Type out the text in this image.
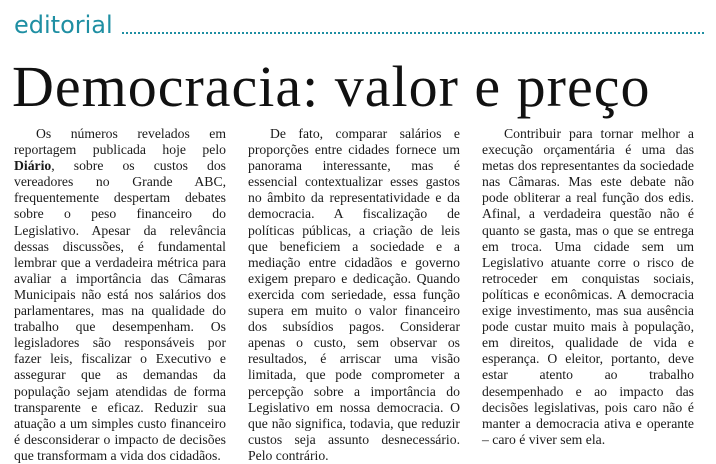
editorial
Democracia: valor e preço

Os números revelados em reportagem publicada hoje pelo Diário, sobre os custos dos vereadores no Grande ABC, frequentemente despertam debates sobre o peso financeiro do Legislativo. Apesar da relevância dessas discussões, é fundamental lembrar que a verdadeira métrica para avaliar a importância das Câmaras Municipais não está nos salários dos parlamentares, mas na qualidade do trabalho que desempenham. Os legisladores são responsáveis por fazer leis, fiscalizar o Executivo e assegurar que as demandas da população sejam atendidas de forma transparente e eficaz. Reduzir sua atuação a um simples custo financeiro é desconsiderar o impacto de decisões que transformam a vida dos cidadãos.

De fato, comparar salários e proporções entre cidades fornece um panorama interessante, mas é essencial contextualizar esses gastos no âmbito da representatividade e da democracia. A fiscalização de políticas públicas, a criação de leis que beneficiem a sociedade e a mediação entre cidadãos e governo exigem preparo e dedicação. Quando exercida com seriedade, essa função supera em muito o valor financeiro dos subsídios pagos. Considerar apenas o custo, sem observar os resultados, é arriscar uma visão limitada, que pode comprometer a percepção sobre a importância do Legislativo em nossa democracia. O que não significa, todavia, que reduzir custos seja assunto desnecessário. Pelo contrário.

Contribuir para tornar melhor a execução orçamentária é uma das metas dos representantes da sociedade nas Câmaras. Mas este debate não pode obliterar a real função dos edis. Afinal, a verdadeira questão não é quanto se gasta, mas o que se entrega em troca. Uma cidade sem um Legislativo atuante corre o risco de retroceder em conquistas sociais, políticas e econômicas. A democracia exige investimento, mas sua ausência pode custar muito mais à população, em direitos, qualidade de vida e esperança. O eleitor, portanto, deve estar atento ao trabalho desempenhado e ao impacto das decisões legislativas, pois caro não é manter a democracia ativa e operante – caro é viver sem ela.
